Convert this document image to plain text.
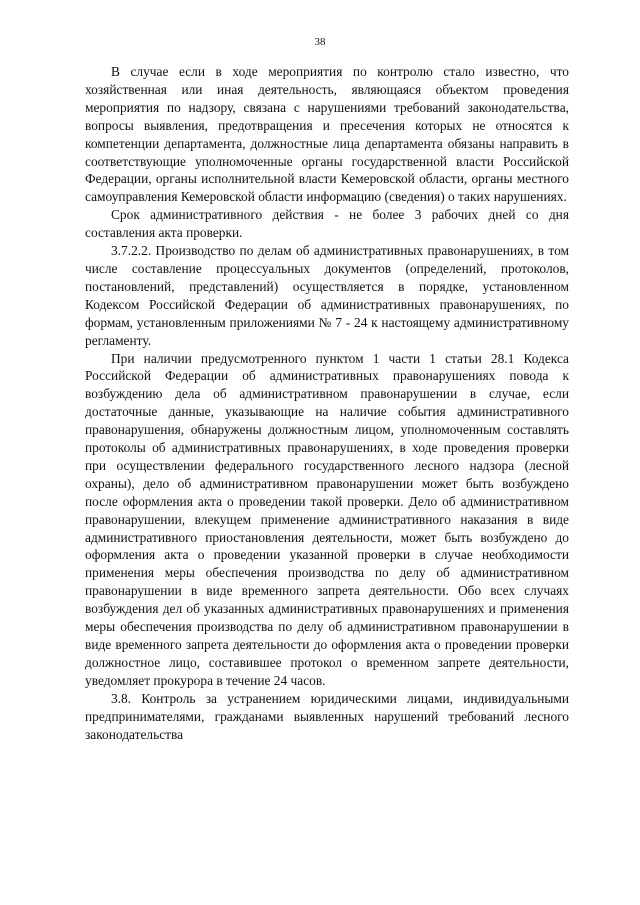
38

В случае если в ходе мероприятия по контролю стало известно, что хозяйственная или иная деятельность, являющаяся объектом проведения мероприятия по надзору, связана с нарушениями требований законодательства, вопросы выявления, предотвращения и пресечения которых не относятся к компетенции департамента, должностные лица департамента обязаны направить в соответствующие уполномоченные органы государственной власти Российской Федерации, органы исполнительной власти Кемеровской области, органы местного самоуправления Кемеровской области информацию (сведения) о таких нарушениях.

Срок административного действия - не более 3 рабочих дней со дня составления акта проверки.

3.7.2.2. Производство по делам об административных правонарушениях, в том числе составление процессуальных документов (определений, протоколов, постановлений, представлений) осуществляется в порядке, установленном Кодексом Российской Федерации об административных правонарушениях, по формам, установленным приложениями № 7 - 24 к настоящему административному регламенту.

При наличии предусмотренного пунктом 1 части 1 статьи 28.1 Кодекса Российской Федерации об административных правонарушениях повода к возбуждению дела об административном правонарушении в случае, если достаточные данные, указывающие на наличие события административного правонарушения, обнаружены должностным лицом, уполномоченным составлять протоколы об административных правонарушениях, в ходе проведения проверки при осуществлении федерального государственного лесного надзора (лесной охраны), дело об административном правонарушении может быть возбуждено после оформления акта о проведении такой проверки. Дело об административном правонарушении, влекущем применение административного наказания в виде административного приостановления деятельности, может быть возбуждено до оформления акта о проведении указанной проверки в случае необходимости применения меры обеспечения производства по делу об административном правонарушении в виде временного запрета деятельности. Обо всех случаях возбуждения дел об указанных административных правонарушениях и применения меры обеспечения производства по делу об административном правонарушении в виде временного запрета деятельности до оформления акта о проведении проверки должностное лицо, составившее протокол о временном запрете деятельности, уведомляет прокурора в течение 24 часов.

3.8. Контроль за устранением юридическими лицами, индивидуальными предпринимателями, гражданами выявленных нарушений требований лесного законодательства
